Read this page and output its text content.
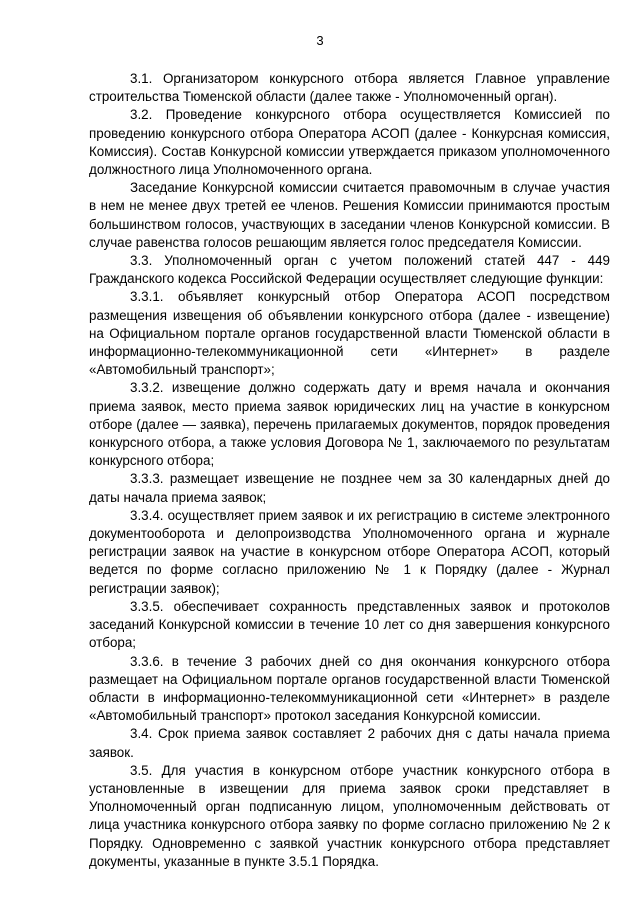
3

3.1. Организатором конкурсного отбора является Главное управление строительства Тюменской области (далее также - Уполномоченный орган).

3.2. Проведение конкурсного отбора осуществляется Комиссией по проведению конкурсного отбора Оператора АСОП (далее - Конкурсная комиссия, Комиссия). Состав Конкурсной комиссии утверждается приказом уполномоченного должностного лица Уполномоченного органа.

Заседание Конкурсной комиссии считается правомочным в случае участия в нем не менее двух третей ее членов. Решения Комиссии принимаются простым большинством голосов, участвующих в заседании членов Конкурсной комиссии. В случае равенства голосов решающим является голос председателя Комиссии.

3.3. Уполномоченный орган с учетом положений статей 447 - 449 Гражданского кодекса Российской Федерации осуществляет следующие функции:

3.3.1. объявляет конкурсный отбор Оператора АСОП посредством размещения извещения об объявлении конкурсного отбора (далее - извещение) на Официальном портале органов государственной власти Тюменской области в информационно-телекоммуникационной сети «Интернет» в разделе «Автомобильный транспорт»;

3.3.2. извещение должно содержать дату и время начала и окончания приема заявок, место приема заявок юридических лиц на участие в конкурсном отборе (далее — заявка), перечень прилагаемых документов, порядок проведения конкурсного отбора, а также условия Договора № 1, заключаемого по результатам конкурсного отбора;

3.3.3. размещает извещение не позднее чем за 30 календарных дней до даты начала приема заявок;

3.3.4. осуществляет прием заявок и их регистрацию в системе электронного документооборота и делопроизводства Уполномоченного органа и журнале регистрации заявок на участие в конкурсном отборе Оператора АСОП, который ведется по форме согласно приложению № 1 к Порядку (далее - Журнал регистрации заявок);

3.3.5. обеспечивает сохранность представленных заявок и протоколов заседаний Конкурсной комиссии в течение 10 лет со дня завершения конкурсного отбора;

3.3.6. в течение 3 рабочих дней со дня окончания конкурсного отбора размещает на Официальном портале органов государственной власти Тюменской области в информационно-телекоммуникационной сети «Интернет» в разделе «Автомобильный транспорт» протокол заседания Конкурсной комиссии.

3.4. Срок приема заявок составляет 2 рабочих дня с даты начала приема заявок.

3.5. Для участия в конкурсном отборе участник конкурсного отбора в установленные в извещении для приема заявок сроки представляет в Уполномоченный орган подписанную лицом, уполномоченным действовать от лица участника конкурсного отбора заявку по форме согласно приложению № 2 к Порядку. Одновременно с заявкой участник конкурсного отбора представляет документы, указанные в пункте 3.5.1 Порядка.
